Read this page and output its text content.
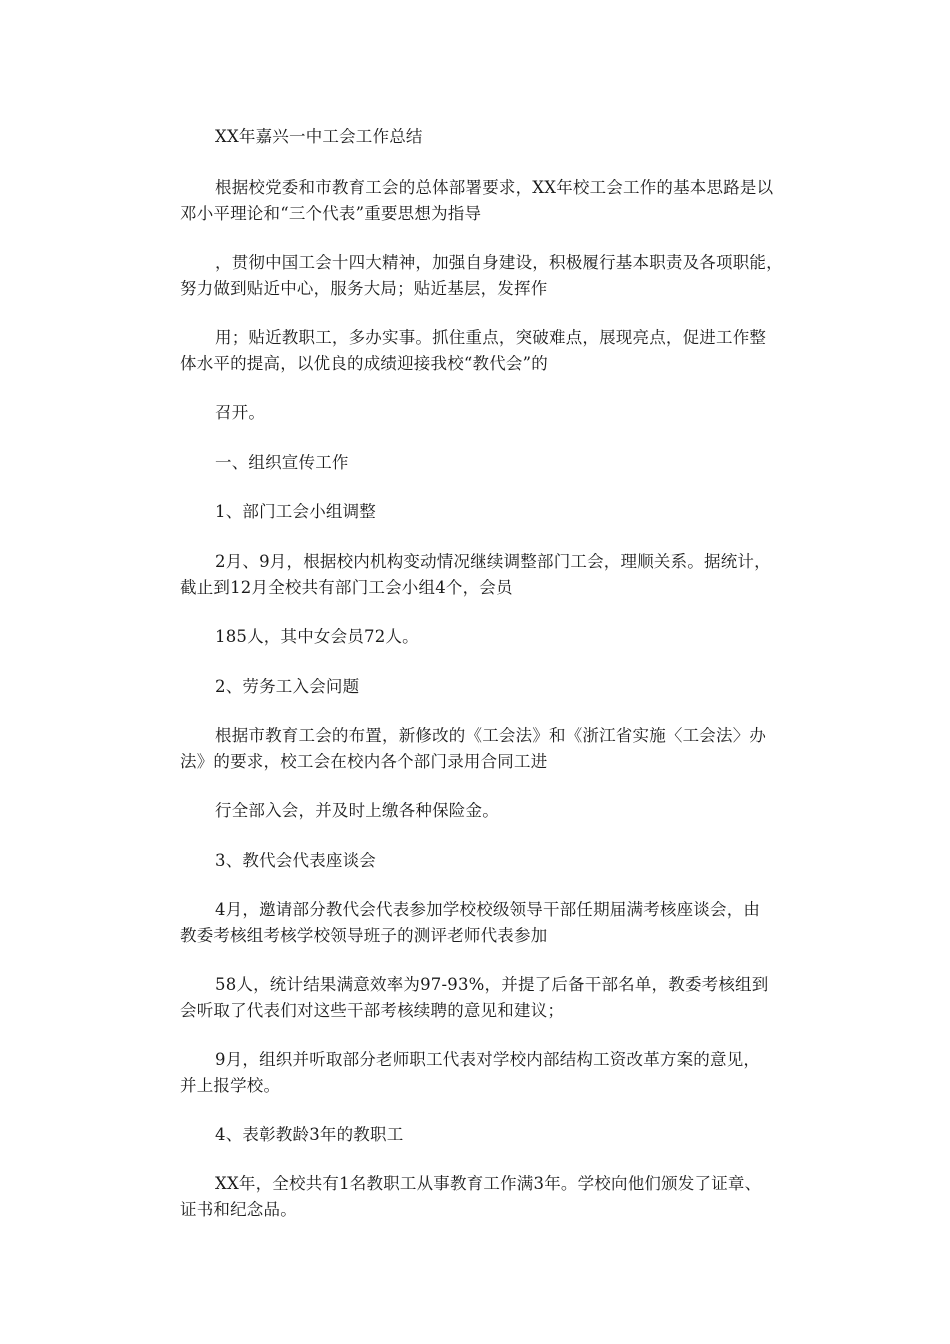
XX年嘉兴一中工会工作总结
根据校党委和市教育工会的总体部署要求，XX年校工会工作的基本思路是以
邓小平理论和“三个代表”重要思想为指导
，贯彻中国工会十四大精神，加强自身建设，积极履行基本职责及各项职能，
努力做到贴近中心，服务大局；贴近基层，发挥作
用；贴近教职工，多办实事。抓住重点，突破难点，展现亮点，促进工作整
体水平的提高，以优良的成绩迎接我校“教代会”的
召开。
一、组织宣传工作
1、部门工会小组调整
2月、9月，根据校内机构变动情况继续调整部门工会，理顺关系。据统计，
截止到12月全校共有部门工会小组4个，会员
185人，其中女会员72人。
2、劳务工入会问题
根据市教育工会的布置，新修改的《工会法》和《浙江省实施〈工会法〉办
法》的要求，校工会在校内各个部门录用合同工进
行全部入会，并及时上缴各种保险金。
3、教代会代表座谈会
4月，邀请部分教代会代表参加学校校级领导干部任期届满考核座谈会，由
教委考核组考核学校领导班子的测评老师代表参加
58人，统计结果满意效率为97-93%，并提了后备干部名单，教委考核组到
会听取了代表们对这些干部考核续聘的意见和建议；
9月，组织并听取部分老师职工代表对学校内部结构工资改革方案的意见，
并上报学校。
4、表彰教龄3年的教职工
XX年，全校共有1名教职工从事教育工作满3年。学校向他们颁发了证章、
证书和纪念品。
